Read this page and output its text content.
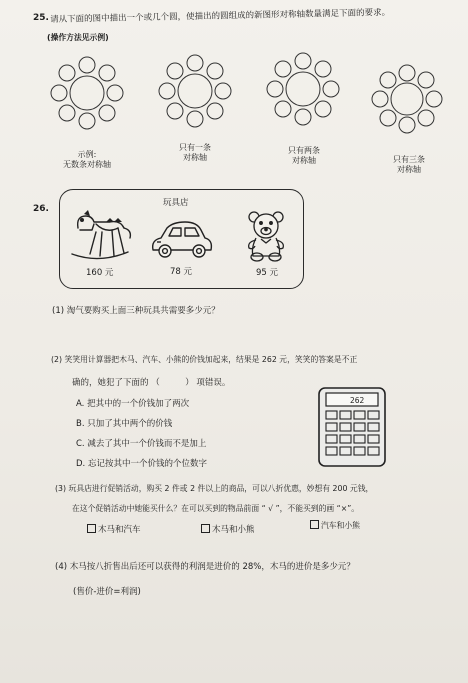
25. 请从下面的图中描出一个或几个圆，使描出的圆组成的新图形对称轴数量满足下面的要求。
(操作方法见示例)
示例:
无数条对称轴
只有一条
对称轴
只有两条
对称轴	只有三条
对称轴
26.
玩具店
160 元	78 元	95 元
(1) 淘气要购买上面三种玩具共需要多少元？
(2) 笑笑用计算器把木马、汽车、小熊的价钱加起来，结果是 262 元，笑笑的答案是不正
确的，她犯了下面的 （　　　） 项错误。
A. 把其中的一个价钱加了两次
B. 只加了其中两个的价钱
C. 减去了其中一个价钱而不是加上
D. 忘记按其中一个价钱的个位数字
262
(3) 玩具店进行促销活动，购买 2 件或 2 件以上的商品，可以八折优惠，妙想有 200 元钱，
在这个促销活动中她能买什么？在可以买到的物品前面 “ √ ”，不能买到的画 “×”。
木马和汽车	木马和小熊	汽车和小熊
(4) 木马按八折售出后还可以获得的利润是进价的 28%，木马的进价是多少元？
(售价-进价=利润)
